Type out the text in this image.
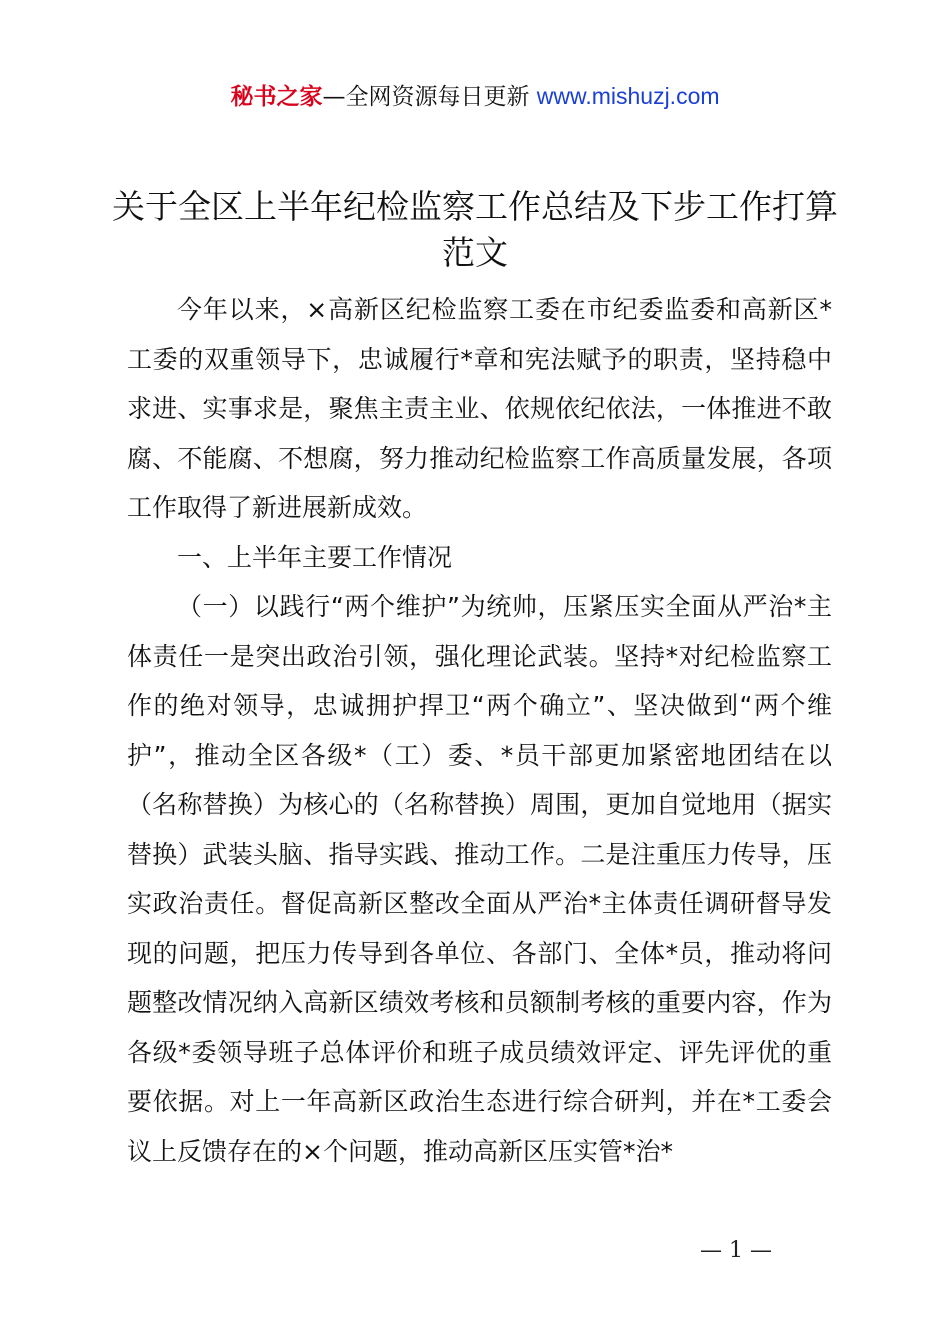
秘书之家—全网资源每日更新 www.mishuzj.com
关于全区上半年纪检监察工作总结及下步工作打算范文

今年以来，×高新区纪检监察工委在市纪委监委和高新区*工委的双重领导下，忠诚履行*章和宪法赋予的职责，坚持稳中求进、实事求是，聚焦主责主业、依规依纪依法，一体推进不敢腐、不能腐、不想腐，努力推动纪检监察工作高质量发展，各项工作取得了新进展新成效。

一、上半年主要工作情况

（一）以践行“两个维护”为统帅，压紧压实全面从严治*主体责任一是突出政治引领，强化理论武装。坚持*对纪检监察工作的绝对领导，忠诚拥护捍卫“两个确立”、坚决做到“两个维护”，推动全区各级*（工）委、*员干部更加紧密地团结在以（名称替换）为核心的（名称替换）周围，更加自觉地用（据实替换）武装头脑、指导实践、推动工作。二是注重压力传导，压实政治责任。督促高新区整改全面从严治*主体责任调研督导发现的问题，把压力传导到各单位、各部门、全体*员，推动将问题整改情况纳入高新区绩效考核和员额制考核的重要内容，作为各级*委领导班子总体评价和班子成员绩效评定、评先评优的重要依据。对上一年高新区政治生态进行综合研判，并在*工委会议上反馈存在的×个问题，推动高新区压实管*治*

— 1 —
